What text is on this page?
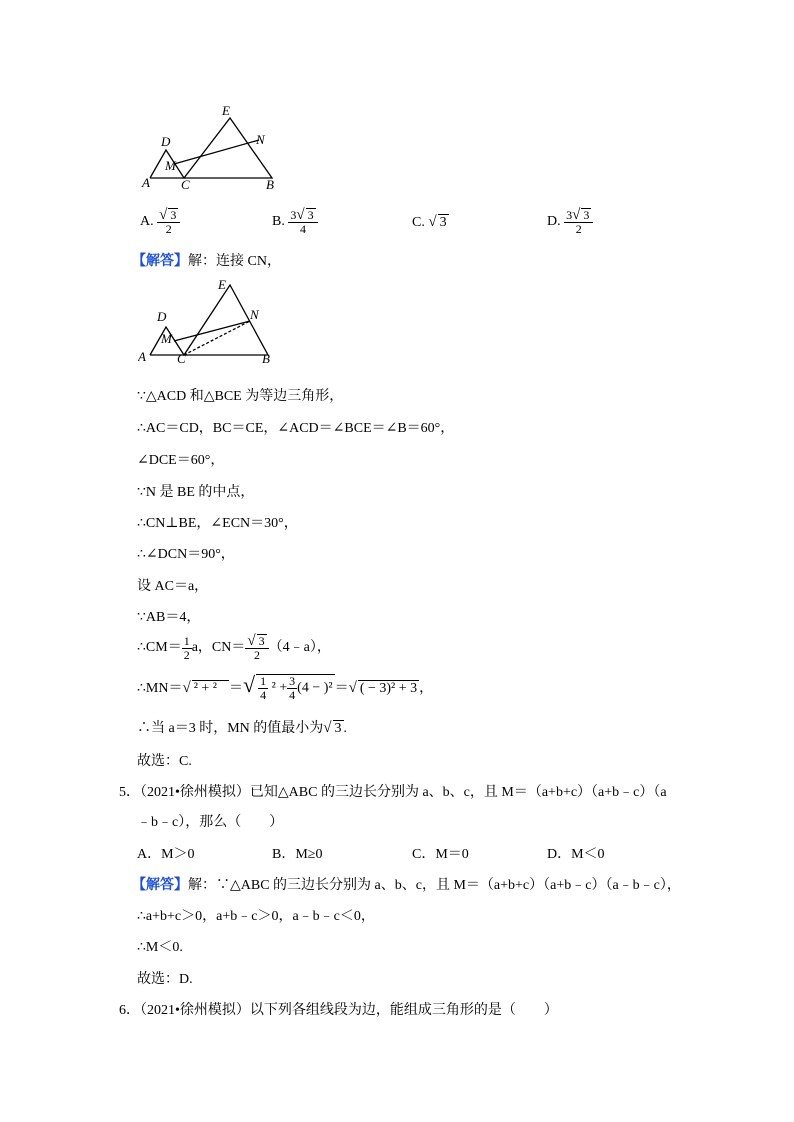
E
D	N
M
A C	B
A. $\frac{√ 3}{2}$	B. $\frac{3√ 3}{4}$	C. √ 3	D. $\frac{3√ 3}{2}$
【解答】解：连接 CN，
E
D	N
M
A C	B
∵△ACD 和△BCE 为等边三角形，
∴AC＝CD，BC＝CE，∠ACD＝∠BCE＝∠B＝60°，
∠DCE＝60°，
∵N 是 BE 的中点，
∴CN⊥BE，∠ECN＝30°，
∴∠DCN＝90°，
设 AC＝a，
∵AB＝4，
∴CM＝ $\frac{1}{2}$ a，$CN= \frac{√ 3}{2}$ （4﹣a），
∴MN＝√² + ² ＝√ $\frac{1}{4} ^2 + \frac{3}{4} (4 - )^2$ ＝√ ( − 3)² + 3 ，
∴当 a＝3 时，MN 的值最小为√ 3 .
故选：C.
5．（2021•徐州模拟）已知△ABC 的三边长分别为 a、b、c，且 M＝（a+b+c）（a+b﹣c）（a
﹣b﹣c），那么（　　）
A．M＞0	B．M≥0	C．M＝0	D．M＜0
【解答】解：∵△ABC 的三边长分别为 a、b、c，且 M＝（a+b+c）（a+b﹣c）（a﹣b﹣c），
∴a+b+c＞0，a+b﹣c＞0，a﹣b﹣c＜0，
∴M＜0.
故选：D.
6．（2021•徐州模拟）以下列各组线段为边，能组成三角形的是（　　）
